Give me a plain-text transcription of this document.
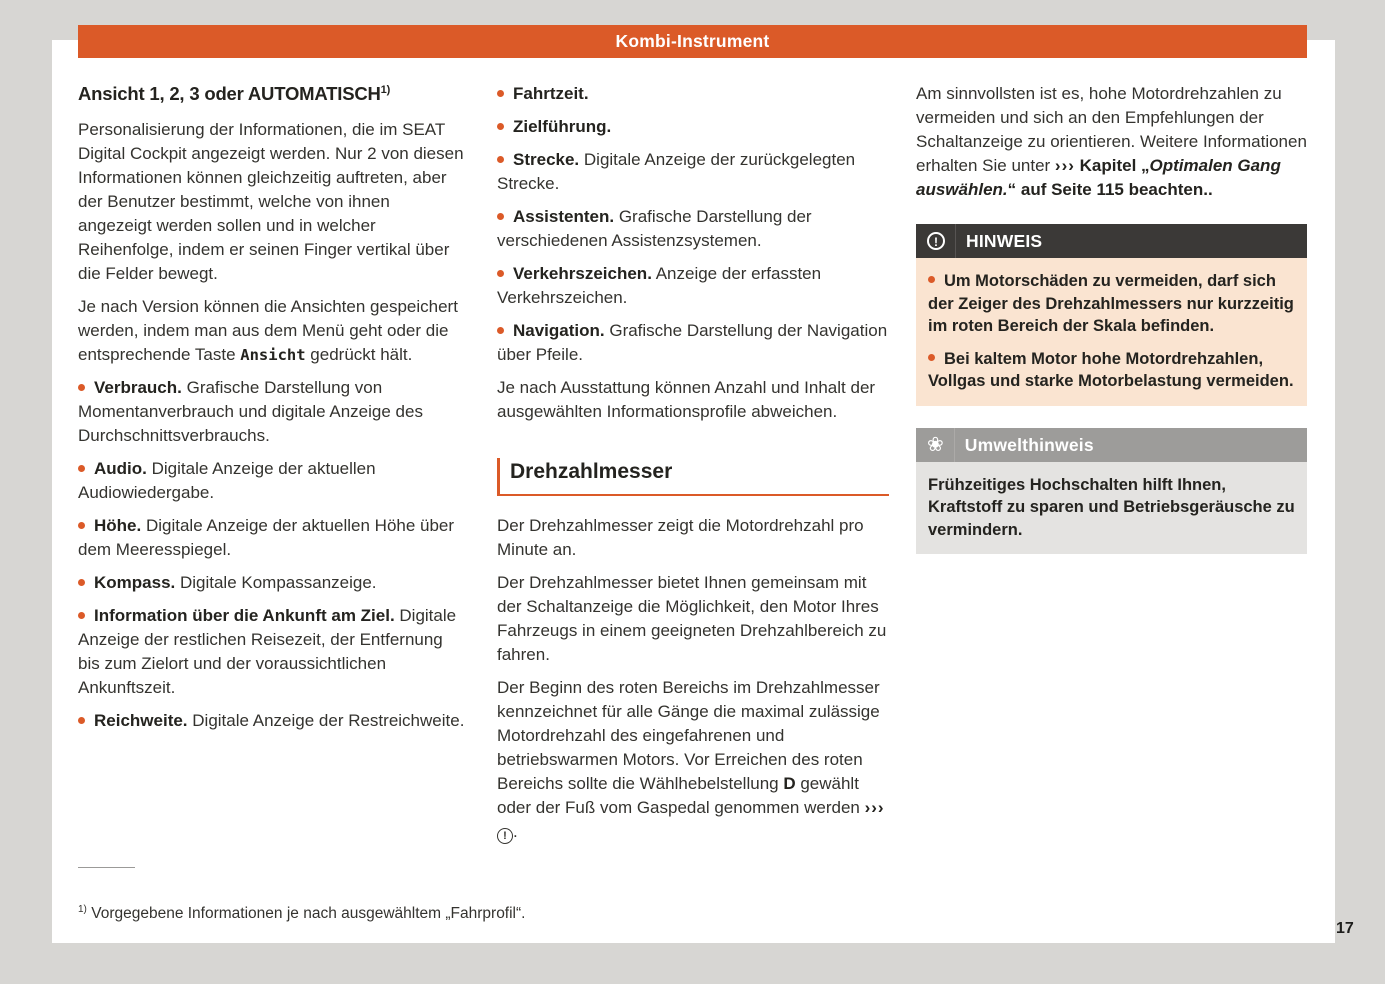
Kombi-Instrument
Ansicht 1, 2, 3 oder AUTOMATISCH$^{1)}$

Personalisierung der Informationen, die im SEAT Digital Cockpit angezeigt werden. Nur 2 von diesen Informationen können gleichzeitig auftreten, aber der Benutzer bestimmt, welche von ihnen angezeigt werden sollen und in welcher Reihenfolge, indem er seinen Finger vertikal über die Felder bewegt.

Je nach Version können die Ansichten gespeichert werden, indem man aus dem Menü geht oder die entsprechende Taste Ansicht gedrückt hält.

Verbrauch. Grafische Darstellung von Momentanverbrauch und digitale Anzeige des Durchschnittsverbrauchs.

Audio. Digitale Anzeige der aktuellen Audiowiedergabe.

Höhe. Digitale Anzeige der aktuellen Höhe über dem Meeresspiegel.

Kompass. Digitale Kompassanzeige.

Information über die Ankunft am Ziel. Digitale Anzeige der restlichen Reisezeit, der Entfernung bis zum Zielort und der voraussichtlichen Ankunftszeit.

Reichweite. Digitale Anzeige der Restreichweite.

Fahrtzeit.

Zielführung.

Strecke. Digitale Anzeige der zurückgelegten Strecke.

Assistenten. Grafische Darstellung der verschiedenen Assistenzsystemen.

Verkehrszeichen. Anzeige der erfassten Verkehrszeichen.

Navigation. Grafische Darstellung der Navigation über Pfeile.

Je nach Ausstattung können Anzahl und Inhalt der ausgewählten Informationsprofile abweichen.

Drehzahlmesser

Der Drehzahlmesser zeigt die Motordrehzahl pro Minute an.

Der Drehzahlmesser bietet Ihnen gemeinsam mit der Schaltanzeige die Möglichkeit, den Motor Ihres Fahrzeugs in einem geeigneten Drehzahlbereich zu fahren.

Der Beginn des roten Bereichs im Drehzahlmesser kennzeichnet für alle Gänge die maximal zulässige Motordrehzahl des eingefahrenen und betriebswarmen Motors. Vor Erreichen des roten Bereichs sollte die Wählhebelstellung D gewählt oder der Fuß vom Gaspedal genommen werden ››› ! .

Am sinnvollsten ist es, hohe Motordrehzahlen zu vermeiden und sich an den Empfehlungen der Schaltanzeige zu orientieren. Weitere Informationen erhalten Sie unter ››› Kapitel „Optimalen Gang auswählen.“ auf Seite 115 beachten..

!	HINWEIS

Um Motorschäden zu vermeiden, darf sich der Zeiger des Drehzahlmessers nur kurzzeitig im roten Bereich der Skala befinden.

Bei kaltem Motor hohe Motordrehzahlen, Vollgas und starke Motorbelastung vermeiden.

❀ Umwelthinweis

Frühzeitiges Hochschalten hilft Ihnen, Kraftstoff zu sparen und Betriebsgeräusche zu vermindern.

$^{1)}$ Vorgegebene Informationen je nach ausgewähltem „Fahrprofil“.

17
